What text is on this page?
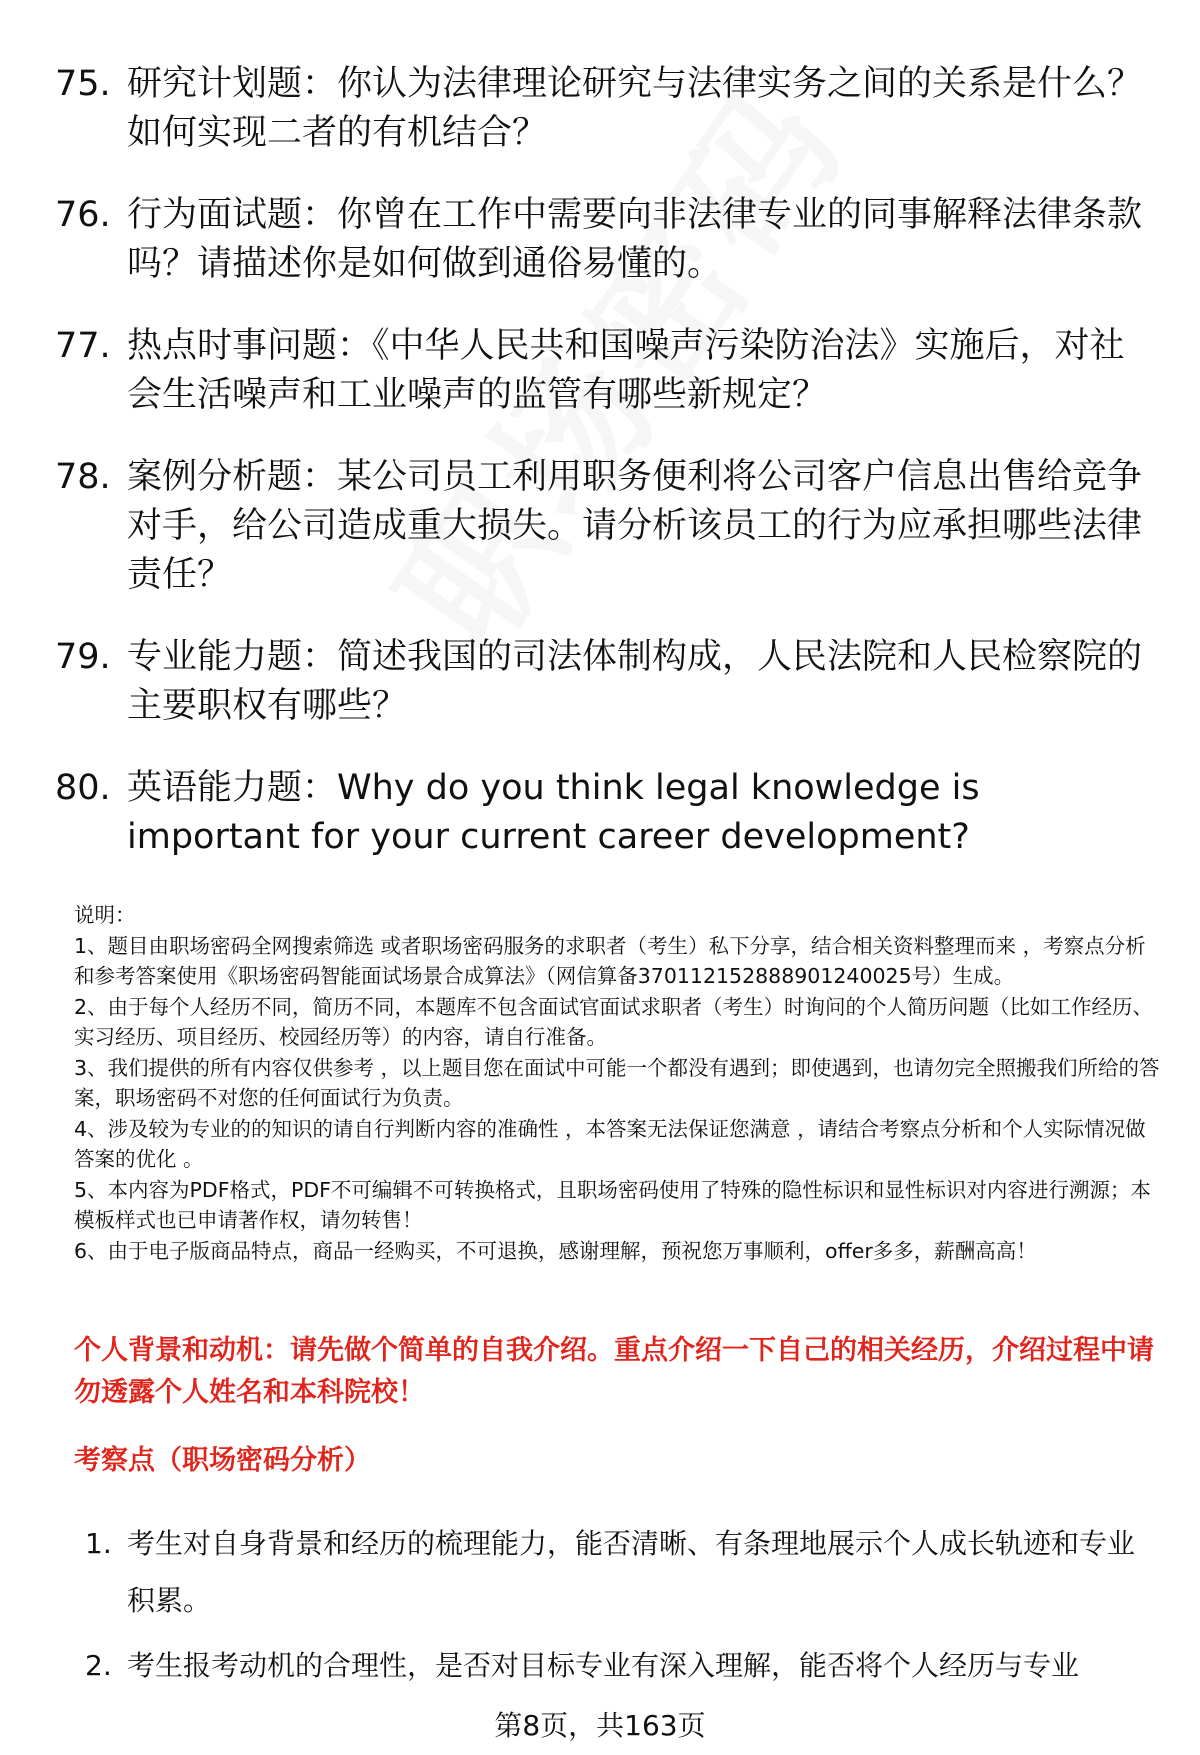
75. 研究计划题：你认为法律理论研究与法律实务之间的关系是什么？如何实现二者的有机结合？
76. 行为面试题：你曾在工作中需要向非法律专业的同事解释法律条款吗？请描述你是如何做到通俗易懂的。
77. 热点时事问题：《中华人民共和国噪声污染防治法》实施后，对社会生活噪声和工业噪声的监管有哪些新规定？
78. 案例分析题：某公司员工利用职务便利将公司客户信息出售给竞争对手，给公司造成重大损失。请分析该员工的行为应承担哪些法律责任？
79. 专业能力题：简述我国的司法体制构成，人民法院和人民检察院的主要职权有哪些？
80. 英语能力题：Why do you think legal knowledge is important for your current career development?
说明：
1、题目由职场密码全网搜索筛选 或者职场密码服务的求职者（考生）私下分享，结合相关资料整理而来 ，考察点分析和参考答案使用《职场密码智能面试场景合成算法》（网信算备370112152888901240025号）生成。
2、由于每个人经历不同，简历不同，本题库不包含面试官面试求职者（考生）时询问的个人简历问题（比如工作经历、实习经历、项目经历、校园经历等）的内容，请自行准备。
3、我们提供的所有内容仅供参考 ，以上题目您在面试中可能一个都没有遇到；即使遇到，也请勿完全照搬我们所给的答案，职场密码不对您的任何面试行为负责。
4、涉及较为专业的的知识的请自行判断内容的准确性 ，本答案无法保证您满意 ，请结合考察点分析和个人实际情况做答案的优化 。
5、本内容为PDF格式，PDF不可编辑不可转换格式，且职场密码使用了特殊的隐性标识和显性标识对内容进行溯源；本模板样式也已申请著作权，请勿转售！
6、由于电子版商品特点，商品一经购买，不可退换，感谢理解，预祝您万事顺利，offer多多，薪酬高高！
个人背景和动机：请先做个简单的自我介绍。重点介绍一下自己的相关经历，介绍过程中请勿透露个人姓名和本科院校！
考察点（职场密码分析）
1. 考生对自身背景和经历的梳理能力，能否清晰、有条理地展示个人成长轨迹和专业积累。
2. 考生报考动机的合理性，是否对目标专业有深入理解，能否将个人经历与专业
第8页，共163页
